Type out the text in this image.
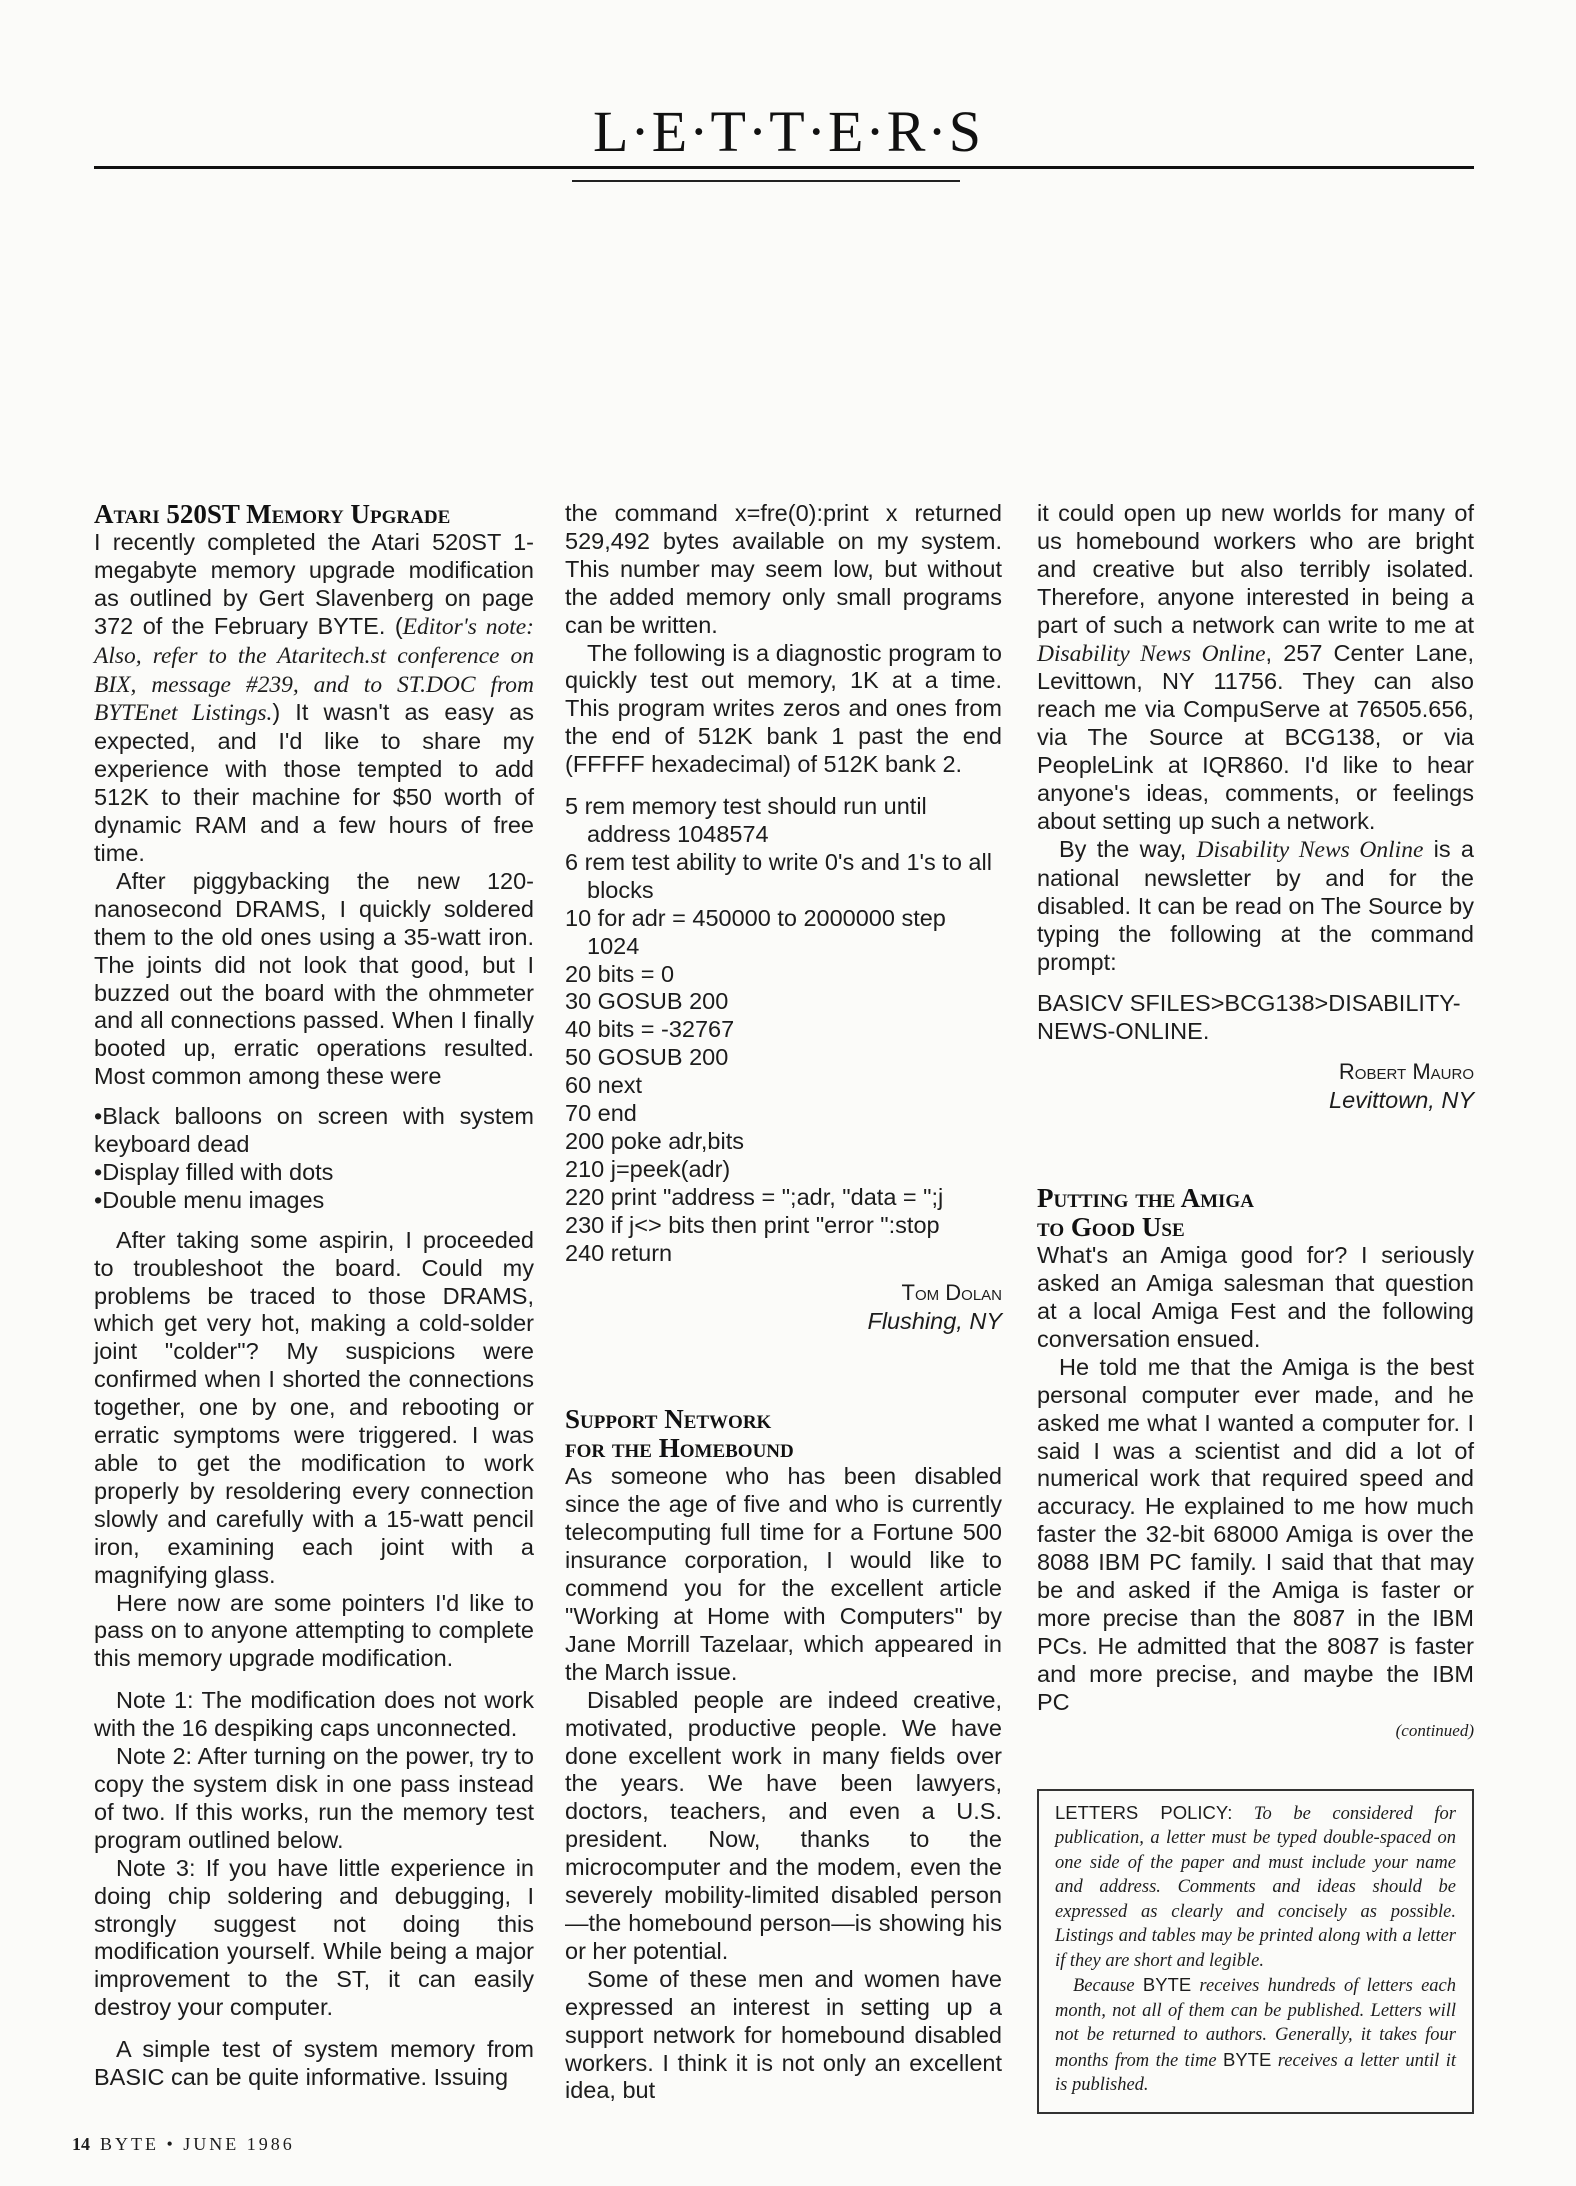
L·E·T·T·E·R·S
Atari 520ST Memory Upgrade

I recently completed the Atari 520ST 1-megabyte memory upgrade modification as outlined by Gert Slavenberg on page 372 of the February BYTE. (Editor's note: Also, refer to the Ataritech.st conference on BIX, message #239, and to ST.DOC from BYTEnet Listings.) It wasn't as easy as expected, and I'd like to share my experience with those tempted to add 512K to their machine for $50 worth of dynamic RAM and a few hours of free time.

After piggybacking the new 120-nanosecond DRAMS, I quickly soldered them to the old ones using a 35-watt iron. The joints did not look that good, but I buzzed out the board with the ohmmeter and all connections passed. When I finally booted up, erratic operations resulted. Most common among these were

• Black balloons on screen with system keyboard dead
• Display filled with dots
• Double menu images

After taking some aspirin, I proceeded to troubleshoot the board. Could my problems be traced to those DRAMS, which get very hot, making a cold-solder joint "colder"? My suspicions were confirmed when I shorted the connections together, one by one, and rebooting or erratic symptoms were triggered. I was able to get the modification to work properly by resoldering every connection slowly and carefully with a 15-watt pencil iron, examining each joint with a magnifying glass.

Here now are some pointers I'd like to pass on to anyone attempting to complete this memory upgrade modification.

Note 1: The modification does not work with the 16 despiking caps unconnected.

Note 2: After turning on the power, try to copy the system disk in one pass instead of two. If this works, run the memory test program outlined below.

Note 3: If you have little experience in doing chip soldering and debugging, I strongly suggest not doing this modification yourself. While being a major improvement to the ST, it can easily destroy your computer.

A simple test of system memory from BASIC can be quite informative. Issuing

14 BYTE • JUNE 1986

the command x=fre(0):print x returned 529,492 bytes available on my system. This number may seem low, but without the added memory only small programs can be written.

The following is a diagnostic program to quickly test out memory, 1K at a time. This program writes zeros and ones from the end of 512K bank 1 past the end (FFFFF hexadecimal) of 512K bank 2.

5 rem memory test should run until address 1048574
6 rem test ability to write 0's and 1's to all blocks
10 for adr = 450000 to 2000000 step 1024
20 bits = 0
30 GOSUB 200
40 bits = -32767
50 GOSUB 200
60 next
70 end
200 poke adr,bits
210 j=peek(adr)
220 print "address = ";adr, "data = ";j
230 if j<> bits then print "error ":stop
240 return
Tom Dolan
Flushing, NY
Support Network
for the Homebound

As someone who has been disabled since the age of five and who is currently telecomputing full time for a Fortune 500 insurance corporation, I would like to commend you for the excellent article "Working at Home with Computers" by Jane Morrill Tazelaar, which appeared in the March issue.

Disabled people are indeed creative, motivated, productive people. We have done excellent work in many fields over the years. We have been lawyers, doctors, teachers, and even a U.S. president. Now, thanks to the microcomputer and the modem, even the severely mobility-limited disabled person—the homebound person—is showing his or her potential.

Some of these men and women have expressed an interest in setting up a support network for homebound disabled workers. I think it is not only an excellent idea, but

it could open up new worlds for many of us homebound workers who are bright and creative but also terribly isolated. Therefore, anyone interested in being a part of such a network can write to me at Disability News Online, 257 Center Lane, Levittown, NY 11756. They can also reach me via CompuServe at 76505.656, via The Source at BCG138, or via PeopleLink at IQR860. I'd like to hear anyone's ideas, comments, or feelings about setting up such a network.

By the way, Disability News Online is a national newsletter by and for the disabled. It can be read on The Source by typing the following at the command prompt:

BASICV SFILES>BCG138>DISABILITY-NEWS-ONLINE.

Robert Mauro
Levittown, NY
Putting the Amiga
to Good Use

What's an Amiga good for? I seriously asked an Amiga salesman that question at a local Amiga Fest and the following conversation ensued.

He told me that the Amiga is the best personal computer ever made, and he asked me what I wanted a computer for. I said I was a scientist and did a lot of numerical work that required speed and accuracy. He explained to me how much faster the 32-bit 68000 Amiga is over the 8088 IBM PC family. I said that that may be and asked if the Amiga is faster or more precise than the 8087 in the IBM PCs. He admitted that the 8087 is faster and more precise, and maybe the IBM PC

(continued)
LETTERS POLICY: To be considered for publication, a letter must be typed double-spaced on one side of the paper and must include your name and address. Comments and ideas should be expressed as clearly and concisely as possible. Listings and tables may be printed along with a letter if they are short and legible.
Because BYTE receives hundreds of letters each month, not all of them can be published. Letters will not be returned to authors. Generally, it takes four months from the time BYTE receives a letter until it is published.
